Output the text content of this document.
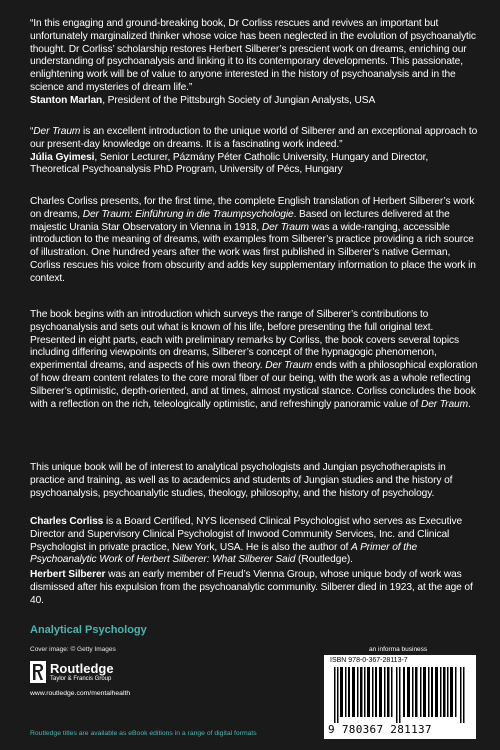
“In this engaging and ground-breaking book, Dr Corliss rescues and revives an important but unfortunately marginalized thinker whose voice has been neglected in the evolution of psychoanalytic thought. Dr Corliss’ scholarship restores Herbert Silberer’s prescient work on dreams, enriching our understanding of psychoanalysis and linking it to its contemporary developments. This passionate, enlightening work will be of value to anyone interested in the history of psychoanalysis and in the science and mysteries of dream life.”
Stanton Marlan, President of the Pittsburgh Society of Jungian Analysts, USA

“Der Traum is an excellent introduction to the unique world of Silberer and an exceptional approach to our present-day knowledge on dreams. It is a fascinating work indeed.”
Júlia Gyimesi, Senior Lecturer, Pázmány Péter Catholic University, Hungary and Director, Theoretical Psychoanalysis PhD Program, University of Pécs, Hungary

Charles Corliss presents, for the first time, the complete English translation of Herbert Silberer’s work on dreams, Der Traum: Einführung in die Traumpsychologie. Based on lectures delivered at the majestic Urania Star Observatory in Vienna in 1918, Der Traum was a wide-ranging, accessible introduction to the meaning of dreams, with examples from Silberer’s practice providing a rich source of illustration. One hundred years after the work was first published in Silberer’s native German, Corliss rescues his voice from obscurity and adds key supplementary information to place the work in context.

The book begins with an introduction which surveys the range of Silberer’s contributions to psychoanalysis and sets out what is known of his life, before presenting the full original text. Presented in eight parts, each with preliminary remarks by Corliss, the book covers several topics including differing viewpoints on dreams, Silberer’s concept of the hypnagogic phenomenon, experimental dreams, and aspects of his own theory. Der Traum ends with a philosophical exploration of how dream content relates to the core moral fiber of our being, with the work as a whole reflecting Silberer’s optimistic, depth-oriented, and at times, almost mystical stance. Corliss concludes the book with a reflection on the rich, teleologically optimistic, and refreshingly panoramic value of Der Traum.

This unique book will be of interest to analytical psychologists and Jungian psychotherapists in practice and training, as well as to academics and students of Jungian studies and the history of psychoanalysis, psychoanalytic studies, theology, philosophy, and the history of psychology.

Charles Corliss is a Board Certified, NYS licensed Clinical Psychologist who serves as Executive Director and Supervisory Clinical Psychologist of Inwood Community Services, Inc. and Clinical Psychologist in private practice, New York, USA. He is also the author of A Primer of the Psychoanalytic Work of Herbert Silberer: What Silberer Said (Routledge).

Herbert Silberer was an early member of Freud’s Vienna Group, whose unique body of work was dismissed after his expulsion from the psychoanalytic community. Silberer died in 1923, at the age of 40.

Analytical Psychology
Cover image: © Getty Images
Routledge
Taylor & Francis Group
www.routledge.com/mentalhealth
an informa business
ISBN 978-0-367-28113-7
9 780367 281137
Routledge titles are available as eBook editions in a range of digital formats
